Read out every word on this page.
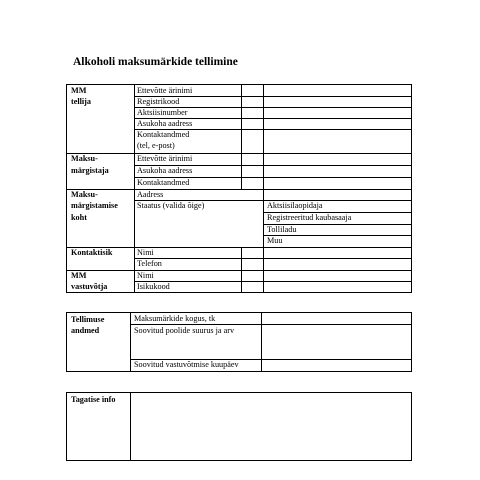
Alkoholi maksumärkide tellimine
MM
tellija
Maksu-
märgistaja
Maksu-
märgistamise
koht
Kontaktisik
MM
vastuvõtja
Ettevõtte ärinimi
Registrikood
Aktsiisinumber
Asukoha aadress
Kontaktandmed
(tel, e-post)
Ettevõtte ärinimi
Asukoha aadress
Kontaktandmed
Aadress
Staatus (valida õige)	Aktsiisilaopidaja
Registreeritud kaubasaaja
Tolliladu
Muu
Nimi
Telefon
Nimi
Isikukood
Tellimuse
andmed
Maksumärkide kogus, tk
Soovitud poolide suurus ja arv
Soovitud vastuvõtmise kuupäev
Tagatise info
